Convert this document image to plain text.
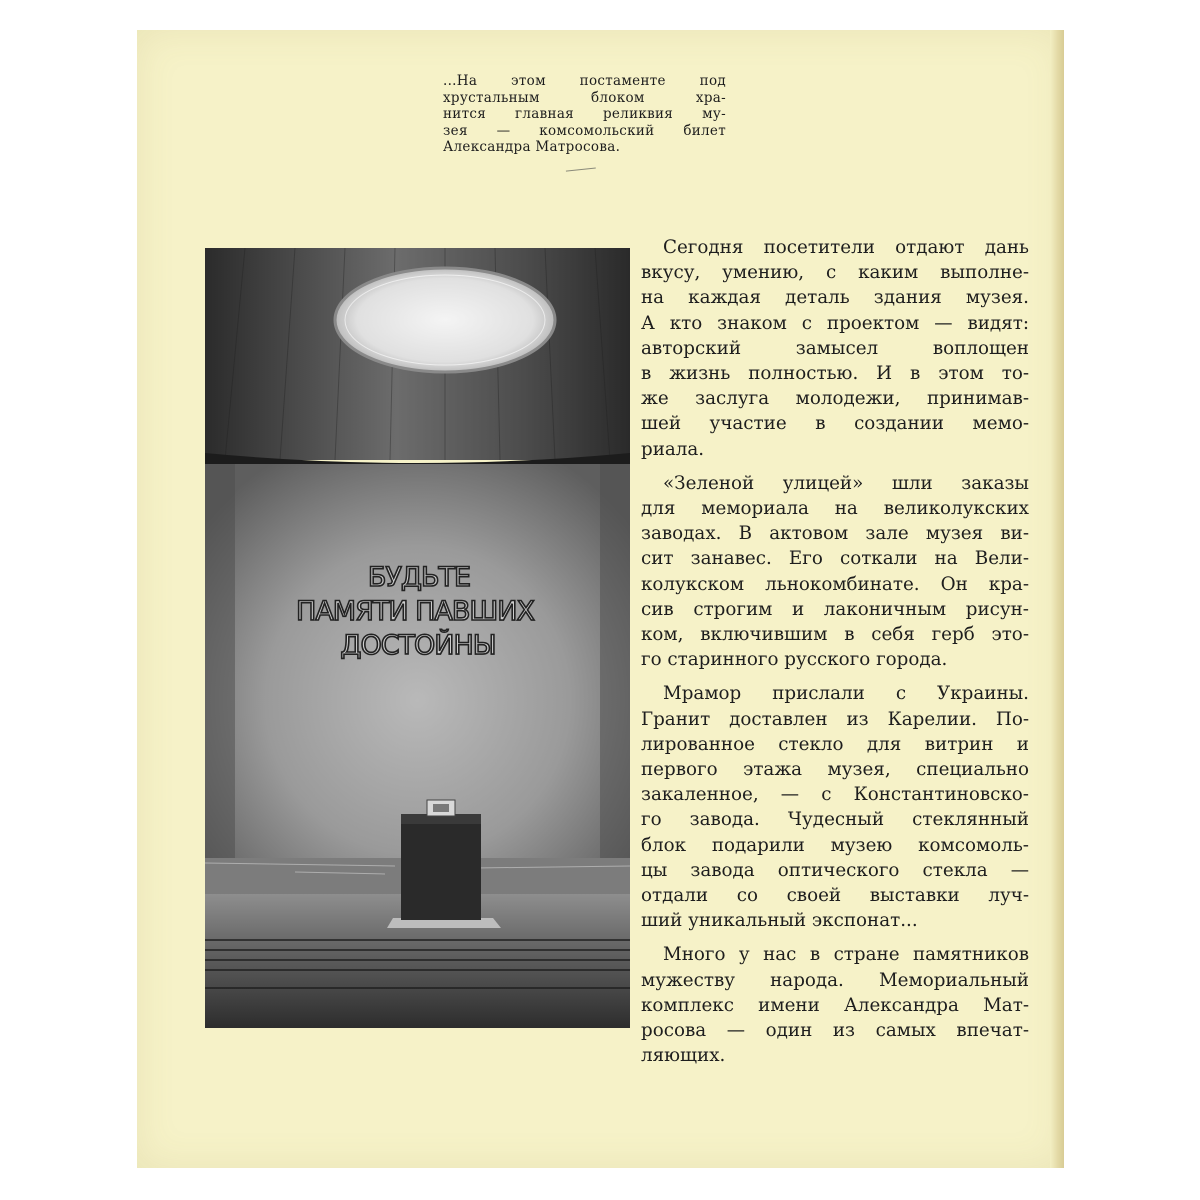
...На этом постаменте под
хрустальным блоком хра-
нится главная реликвия му-
зея — комсомольский билет
Александра Матросова.
БУДЬТЕ
ПАМЯТИ ПАВШИХ
ДОСТОЙНЫ

Сегодня посетители отдают дань
вкусу, умению, с каким выполне-
на каждая деталь здания музея.
А кто знаком с проектом — видят:
авторский замысел воплощен
в жизнь полностью. И в этом то-
же заслуга молодежи, принимав-
шей участие в создании мемо-
риала.

«Зеленой улицей» шли заказы
для мемориала на великолукских
заводах. В актовом зале музея ви-
сит занавес. Его соткали на Вели-
колукском льнокомбинате. Он кра-
сив строгим и лаконичным рисун-
ком, включившим в себя герб это-
го старинного русского города.

Мрамор прислали с Украины.
Гранит доставлен из Карелии. По-
лированное стекло для витрин и
первого этажа музея, специально
закаленное, — с Константиновско-
го завода. Чудесный стеклянный
блок подарили музею комсомоль-
цы завода оптического стекла —
отдали со своей выставки луч-
ший уникальный экспонат...

Много у нас в стране памятников
мужеству народа. Мемориальный
комплекс имени Александра Мат-
росова — один из самых впечат-
ляющих.
